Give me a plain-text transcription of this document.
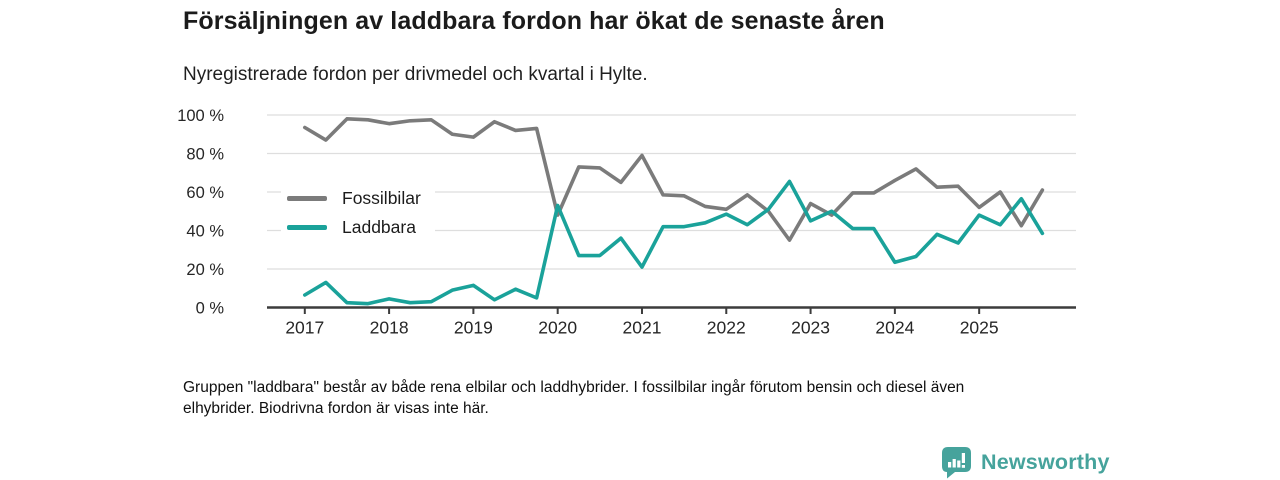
Försäljningen av laddbara fordon har ökat de senaste åren
Nyregistrerade fordon per drivmedel och kvartal i Hylte.
2017	2018	2019	2020	2021	2022	2023	2024	2025
0 %
20 %
40 %
60 %
80 %
100 %
Fossilbilar
Laddbara
Gruppen "laddbara" består av både rena elbilar och laddhybrider. I fossilbilar ingår förutom bensin och diesel även
elhybrider. Biodrivna fordon är visas inte här.
Newsworthy
